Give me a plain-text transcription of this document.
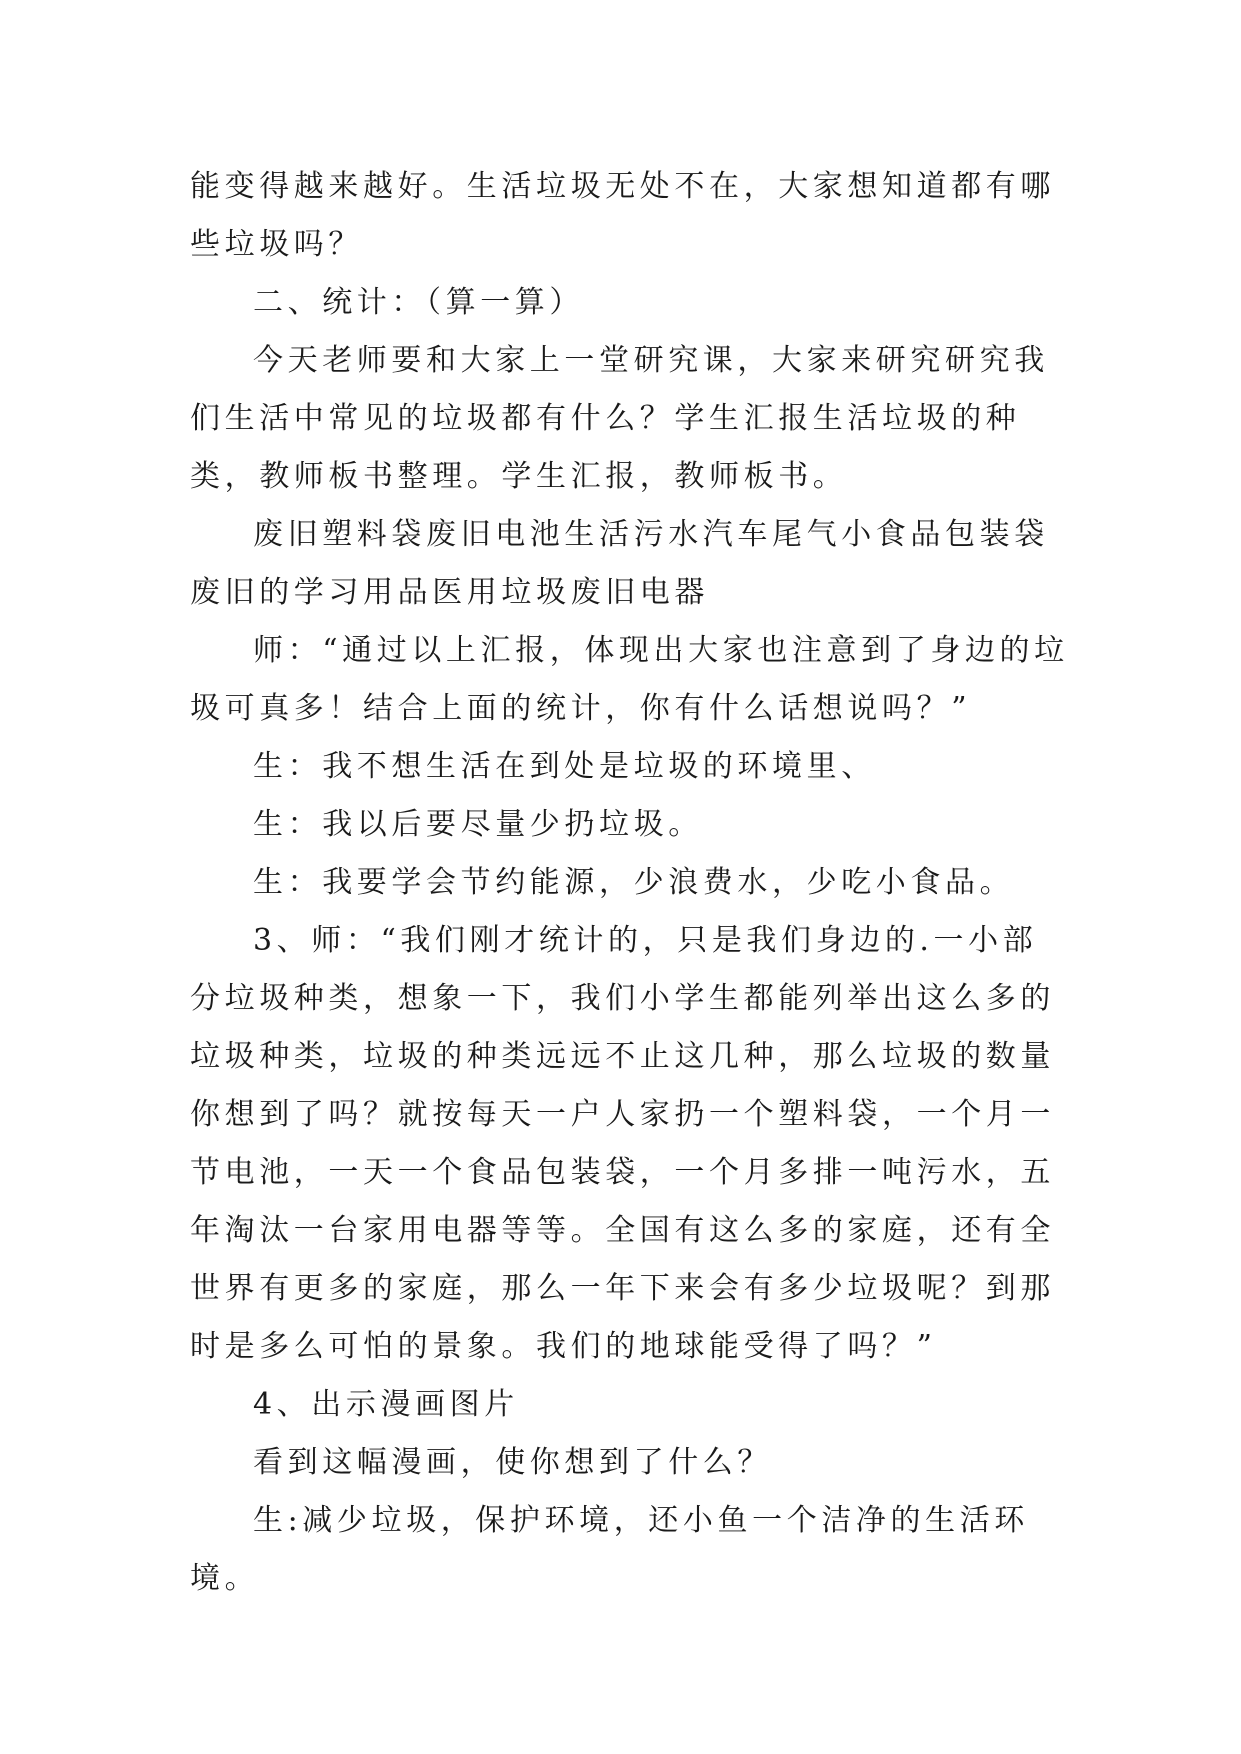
能变得越来越好。生活垃圾无处不在，大家想知道都有哪些垃圾吗？

二、统计：（算一算）

今天老师要和大家上一堂研究课，大家来研究研究我们生活中常见的垃圾都有什么？学生汇报生活垃圾的种类，教师板书整理。学生汇报，教师板书。

废旧塑料袋废旧电池生活污水汽车尾气小食品包装袋废旧的学习用品医用垃圾废旧电器

师：“通过以上汇报，体现出大家也注意到了身边的垃圾可真多！结合上面的统计，你有什么话想说吗？”

生：我不想生活在到处是垃圾的环境里、

生：我以后要尽量少扔垃圾。

生：我要学会节约能源，少浪费水，少吃小食品。

3、师：“我们刚才统计的，只是我们身边的.一小部分垃圾种类，想象一下，我们小学生都能列举出这么多的垃圾种类，垃圾的种类远远不止这几种，那么垃圾的数量你想到了吗？就按每天一户人家扔一个塑料袋，一个月一节电池，一天一个食品包装袋，一个月多排一吨污水，五年淘汰一台家用电器等等。全国有这么多的家庭，还有全世界有更多的家庭，那么一年下来会有多少垃圾呢？到那时是多么可怕的景象。我们的地球能受得了吗？”

4、出示漫画图片

看到这幅漫画，使你想到了什么？

生:减少垃圾，保护环境，还小鱼一个洁净的生活环境。
